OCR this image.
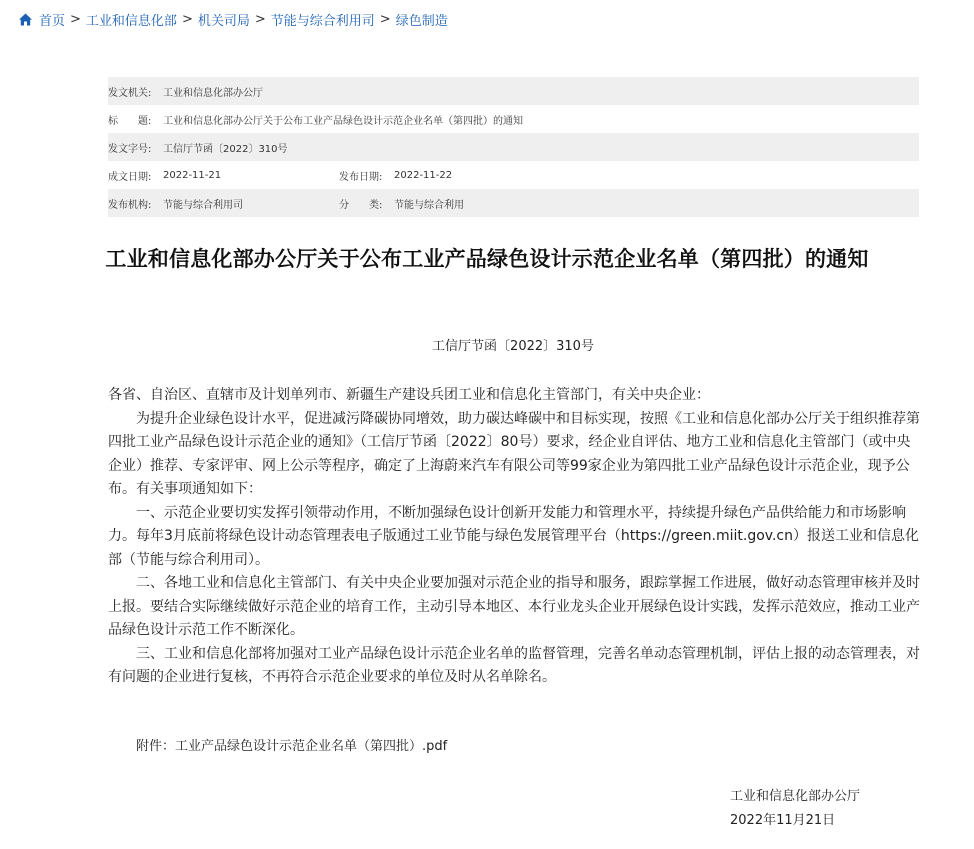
首页 > 工业和信息化部 > 机关司局 > 节能与综合利用司 > 绿色制造
发文机关:	工业和信息化部办公厅
标　　题:	工业和信息化部办公厅关于公布工业产品绿色设计示范企业名单（第四批）的通知
发文字号:	工信厅节函〔2022〕310号
成文日期:	2022-11-21	发布日期:	2022-11-22
发布机构:	节能与综合利用司	分　　类:	节能与综合利用
工业和信息化部办公厅关于公布工业产品绿色设计示范企业名单（第四批）的通知
工信厅节函〔2022〕310号

各省、自治区、直辖市及计划单列市、新疆生产建设兵团工业和信息化主管部门，有关中央企业：

为提升企业绿色设计水平，促进减污降碳协同增效，助力碳达峰碳中和目标实现，按照《工业和信息化部办公厅关于组织推荐第四批工业产品绿色设计示范企业的通知》（工信厅节函〔2022〕80号）要求，经企业自评估、地方工业和信息化主管部门（或中央企业）推荐、专家评审、网上公示等程序，确定了上海蔚来汽车有限公司等99家企业为第四批工业产品绿色设计示范企业，现予公布。有关事项通知如下：

一、示范企业要切实发挥引领带动作用，不断加强绿色设计创新开发能力和管理水平，持续提升绿色产品供给能力和市场影响力。每年3月底前将绿色设计动态管理表电子版通过工业节能与绿色发展管理平台（https://green.miit.gov.cn）报送工业和信息化部（节能与综合利用司）。

二、各地工业和信息化主管部门、有关中央企业要加强对示范企业的指导和服务，跟踪掌握工作进展，做好动态管理审核并及时上报。要结合实际继续做好示范企业的培育工作，主动引导本地区、本行业龙头企业开展绿色设计实践，发挥示范效应，推动工业产品绿色设计示范工作不断深化。

三、工业和信息化部将加强对工业产品绿色设计示范企业名单的监督管理，完善名单动态管理机制，评估上报的动态管理表，对有问题的企业进行复核，不再符合示范企业要求的单位及时从名单除名。

附件：工业产品绿色设计示范企业名单（第四批）.pdf
工业和信息化部办公厅
2022年11月21日
